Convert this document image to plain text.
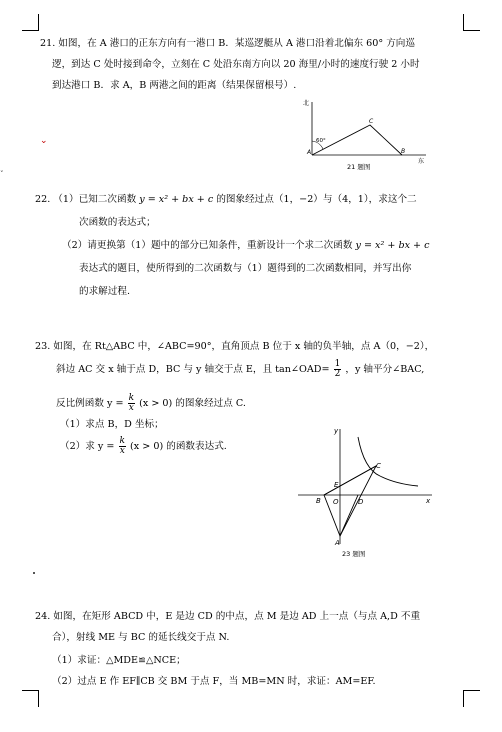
21. 如图，在 A 港口的正东方向有一港口 B．某巡逻艇从 A 港口沿着北偏东 60° 方向巡
逻，到达 C 处时接到命令，立刻在 C 处沿东南方向以 20 海里/小时的速度行驶 2 小时
到达港口 B．求 A，B 两港之间的距离（结果保留根号）.
北
东
60°
A	B
C
21 题图
⌄
˅
22. （1）已知二次函数 y = x² + bx + c 的图象经过点（1，−2）与（4，1），求这个二
次函数的表达式；
（2）请更换第（1）题中的部分已知条件，重新设计一个求二次函数 y = x² + bx + c
表达式的题目，使所得到的二次函数与（1）题得到的二次函数相同，并写出你
的求解过程.
23. 如图，在 Rt△ABC 中，∠ABC=90°，直角顶点 B 位于 x 轴的负半轴，点 A（0，−2），
斜边 AC 交 x 轴于点 D，BC 与 y 轴交于点 E，且 tan∠OAD= $\frac{1}{2}$ ，y 轴平分∠BAC,
反比例函数 $y = \frac{k}{x} (x > 0)$ 的图象经过点 C.
（1）求点 B，D 坐标；
（2）求 $y = \frac{k}{x} (x > 0)$ 的函数表达式.
y
x
A
B
C
D
E
O
23 题图
24. 如图，在矩形 ABCD 中，E 是边 CD 的中点，点 M 是边 AD 上一点（与点 A,D 不重
合），射线 ME 与 BC 的延长线交于点 N.
（1）求证：△MDE≌△NCE；
（2）过点 E 作 EF∥CB 交 BM 于点 F，当 MB=MN 时，求证：AM=EF.
